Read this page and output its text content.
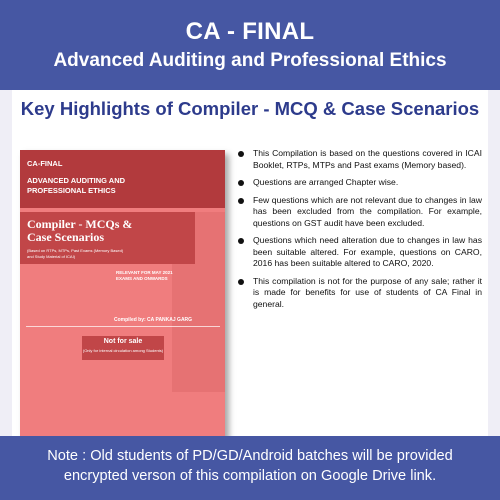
CA - FINAL
Advanced Auditing and Professional Ethics
Key Highlights of Compiler - MCQ & Case Scenarios
CA-FINAL
ADVANCED AUDITING AND
PROFESSIONAL ETHICS
Compiler - MCQs &
Case Scenarios
(Based on RTPs, MTPs, Past Exams (Memory Based)
and Study Material of ICAI)
RELEVANT FOR MAY 2021
EXAMS AND ONWARDS
Compiled by: CA PANKAJ GARG
Not for sale
(Only for internal circulation among Students)
This Compilation is based on the questions covered in ICAI Booklet, RTPs, MTPs and Past exams (Memory based).
Questions are arranged Chapter wise.
Few questions which are not relevant due to changes in law has been excluded from the compilation. For example, questions on GST audit have been excluded.
Questions which need alteration due to changes in law has been suitable altered. For example, questions on CARO, 2016 has been suitable altered to CARO, 2020.
This compilation is not for the purpose of any sale; rather it is made for benefits for use of students of CA Final in general.
Note : Old students of PD/GD/Android batches will be provided
encrypted verson of this compilation on Google Drive link.
